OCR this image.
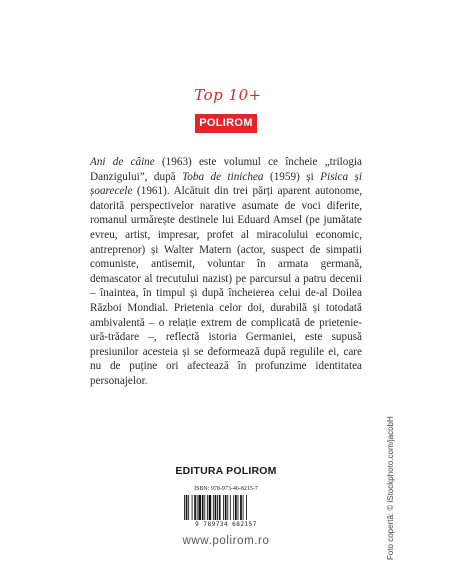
Top 10+
POLIROM
Ani de câine (1963) este volumul ce încheie „trilogia Danzigului”, după Toba de tinichea (1959) și Pisica și șoarecele (1961). Alcătuit din trei părți aparent autonome, datorită perspectivelor narative asumate de voci diferite, romanul urmărește destinele lui Eduard Amsel (pe jumătate evreu, artist, impresar, profet al miracolului economic, antreprenor) și Walter Matern (actor, suspect de simpatii comuniste, antisemit, voluntar în armata germană, demascator al trecutului nazist) pe parcursul a patru decenii – înaintea, în timpul și după încheierea celui de-al Doilea Război Mondial. Prietenia celor doi, durabilă și totodată ambivalentă – o relație extrem de complicată de prietenie-ură-trădare –, reflectă istoria Germaniei, este supusă presiunilor acesteia și se deformează după regulile ei, care nu de puține ori afectează în profunzime identitatea personajelor.
Foto copertă: © iStockphoto.com/jacobH
EDITURA POLIROM
ISBN: 978-973-46-8215-7
9 789734 682157
www.polirom.ro
